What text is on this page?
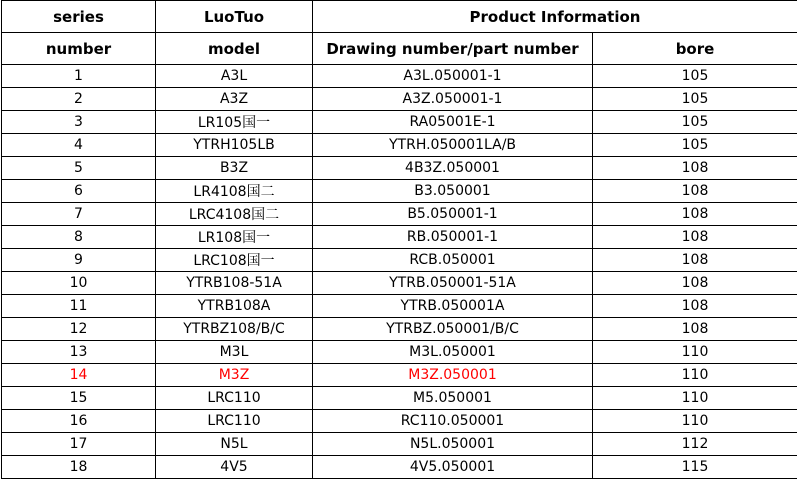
series	LuoTuo	Product Information	
number	model	Drawing number/part number	bore
1	A3L	A3L.050001-1	105
2	A3Z	A3Z.050001-1	105
3	LR105国一	RA05001E-1	105
4	YTRH105LB	YTRH.050001LA/B	105
5	B3Z	4B3Z.050001	108
6	LR4108国二	B3.050001	108
7	LRC4108国二	B5.050001-1	108
8	LR108国一	RB.050001-1	108
9	LRC108国一	RCB.050001	108
10	YTRB108-51A	YTRB.050001-51A	108
11	YTRB108A	YTRB.050001A	108
12	YTRBZ108/B/C	YTRBZ.050001/B/C	108
13	M3L	M3L.050001	110
14	M3Z	M3Z.050001	110
15	LRC110	M5.050001	110
16	LRC110	RC110.050001	110
17	N5L	N5L.050001	112
18	4V5	4V5.050001	115
